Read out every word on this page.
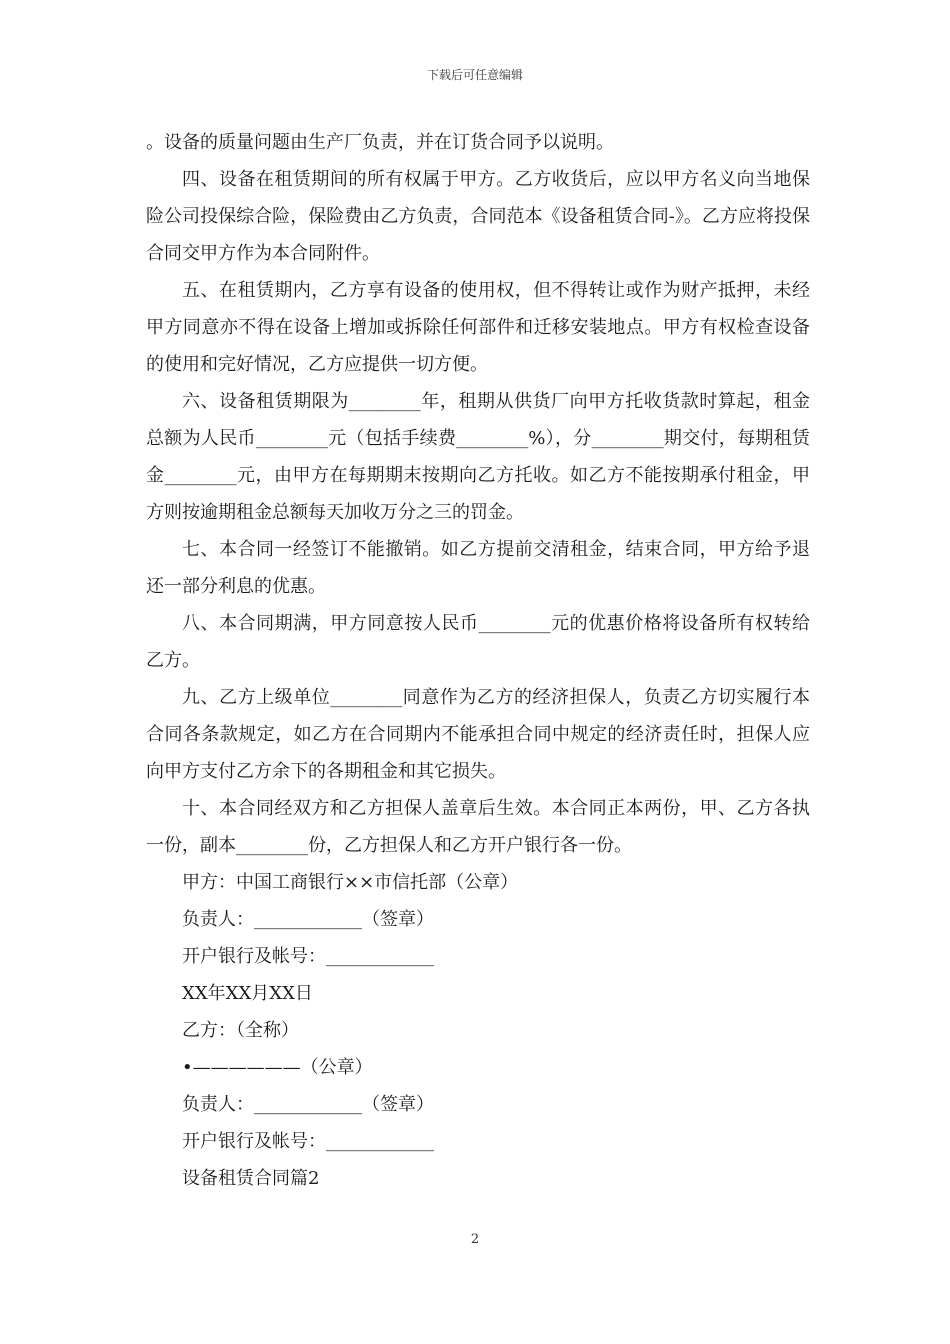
下载后可任意编辑

。设备的质量问题由生产厂负责，并在订货合同予以说明。

四、设备在租赁期间的所有权属于甲方。乙方收货后，应以甲方名义向当地保险公司投保综合险，保险费由乙方负责，合同范本《设备租赁合同-》。乙方应将投保合同交甲方作为本合同附件。

五、在租赁期内，乙方享有设备的使用权，但不得转让或作为财产抵押，未经甲方同意亦不得在设备上增加或拆除任何部件和迁移安装地点。甲方有权检查设备的使用和完好情况，乙方应提供一切方便。

六、设备租赁期限为________年，租期从供货厂向甲方托收货款时算起，租金总额为人民币________元（包括手续费________%），分________期交付，每期租赁金________元，由甲方在每期期末按期向乙方托收。如乙方不能按期承付租金，甲方则按逾期租金总额每天加收万分之三的罚金。

七、本合同一经签订不能撤销。如乙方提前交清租金，结束合同，甲方给予退还一部分利息的优惠。

八、本合同期满，甲方同意按人民币________元的优惠价格将设备所有权转给乙方。

九、乙方上级单位________同意作为乙方的经济担保人，负责乙方切实履行本合同各条款规定，如乙方在合同期内不能承担合同中规定的经济责任时，担保人应向甲方支付乙方余下的各期租金和其它损失。

十、本合同经双方和乙方担保人盖章后生效。本合同正本两份，甲、乙方各执一份，副本________份，乙方担保人和乙方开户银行各一份。

甲方：中国工商银行××市信托部（公章）

负责人：____________（签章）

开户银行及帐号：____________

XX年XX月XX日

乙方：（全称）

•——————（公章）

负责人：____________（签章）

开户银行及帐号：____________

设备租赁合同篇2

2
